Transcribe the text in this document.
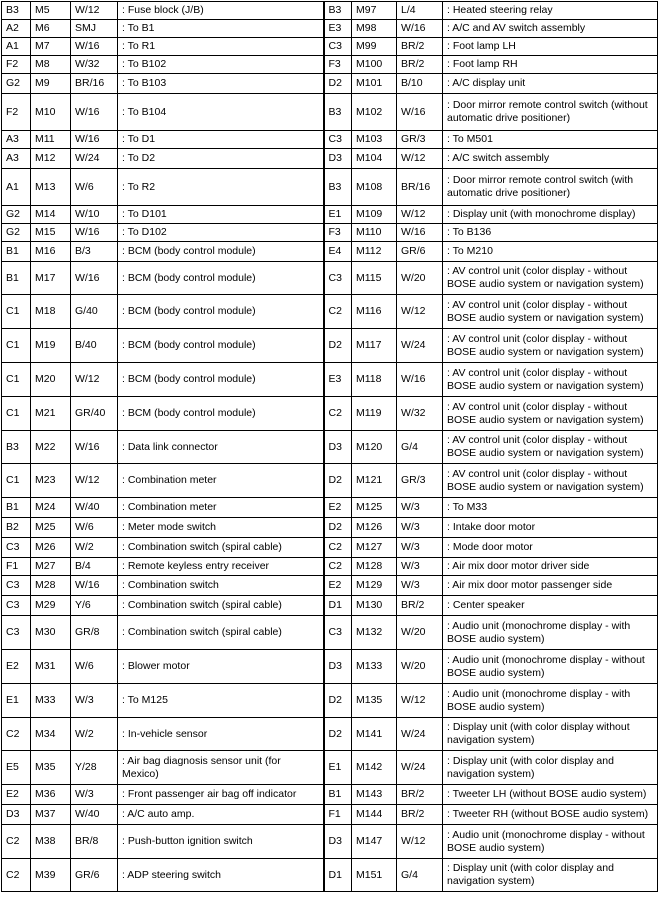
B3	M5	W/12	: Fuse block (J/B)	B3	M97	L/4	: Heated steering relay
A2	M6	SMJ	: To B1	E3	M98	W/16	: A/C and AV switch assembly
A1	M7	W/16	: To R1	C3	M99	BR/2	: Foot lamp LH
F2	M8	W/32	: To B102	F3	M100	BR/2	: Foot lamp RH
G2	M9	BR/16	: To B103	D2	M101	B/10	: A/C display unit
F2	M10	W/16	: To B104	B3	M102	W/16	: Door mirror remote control switch (without automatic drive positioner)
A3	M11	W/16	: To D1	C3	M103	GR/3	: To M501
A3	M12	W/24	: To D2	D3	M104	W/12	: A/C switch assembly
A1	M13	W/6	: To R2	B3	M108	BR/16	: Door mirror remote control switch (with automatic drive positioner)
G2	M14	W/10	: To D101	E1	M109	W/12	: Display unit (with monochrome display)
G2	M15	W/16	: To D102	F3	M110	W/16	: To B136
B1	M16	B/3	: BCM (body control module)	E4	M112	GR/6	: To M210
B1	M17	W/16	: BCM (body control module)	C3	M115	W/20	: AV control unit (color display - without BOSE audio system or navigation system)
C1	M18	G/40	: BCM (body control module)	C2	M116	W/12	: AV control unit (color display - without BOSE audio system or navigation system)
C1	M19	B/40	: BCM (body control module)	D2	M117	W/24	: AV control unit (color display - without BOSE audio system or navigation system)
C1	M20	W/12	: BCM (body control module)	E3	M118	W/16	: AV control unit (color display - without BOSE audio system or navigation system)
C1	M21	GR/40	: BCM (body control module)	C2	M119	W/32	: AV control unit (color display - without BOSE audio system or navigation system)
B3	M22	W/16	: Data link connector	D3	M120	G/4	: AV control unit (color display - without BOSE audio system or navigation system)
C1	M23	W/12	: Combination meter	D2	M121	GR/3	: AV control unit (color display - without BOSE audio system or navigation system)
B1	M24	W/40	: Combination meter	E2	M125	W/3	: To M33
B2	M25	W/6	: Meter mode switch	D2	M126	W/3	: Intake door motor
C3	M26	W/2	: Combination switch (spiral cable)	C2	M127	W/3	: Mode door motor
F1	M27	B/4	: Remote keyless entry receiver	C2	M128	W/3	: Air mix door motor driver side
C3	M28	W/16	: Combination switch	E2	M129	W/3	: Air mix door motor passenger side
C3	M29	Y/6	: Combination switch (spiral cable)	D1	M130	BR/2	: Center speaker
C3	M30	GR/8	: Combination switch (spiral cable)	C3	M132	W/20	: Audio unit (monochrome display - with BOSE audio system)
E2	M31	W/6	: Blower motor	D3	M133	W/20	: Audio unit (monochrome display - without BOSE audio system)
E1	M33	W/3	: To M125	D2	M135	W/12	: Audio unit (monochrome display - with BOSE audio system)
C2	M34	W/2	: In-vehicle sensor	D2	M141	W/24	: Display unit (with color display without navigation system)
E5	M35	Y/28	: Air bag diagnosis sensor unit (for Mexico)	E1	M142	W/24	: Display unit (with color display and navigation system)
E2	M36	W/3	: Front passenger air bag off indicator	B1	M143	BR/2	: Tweeter LH (without BOSE audio system)
D3	M37	W/40	: A/C auto amp.	F1	M144	BR/2	: Tweeter RH (without BOSE audio system)
C2	M38	BR/8	: Push-button ignition switch	D3	M147	W/12	: Audio unit (monochrome display - without BOSE audio system)
C2	M39	GR/6	: ADP steering switch	D1	M151	G/4	: Display unit (with color display and navigation system)
